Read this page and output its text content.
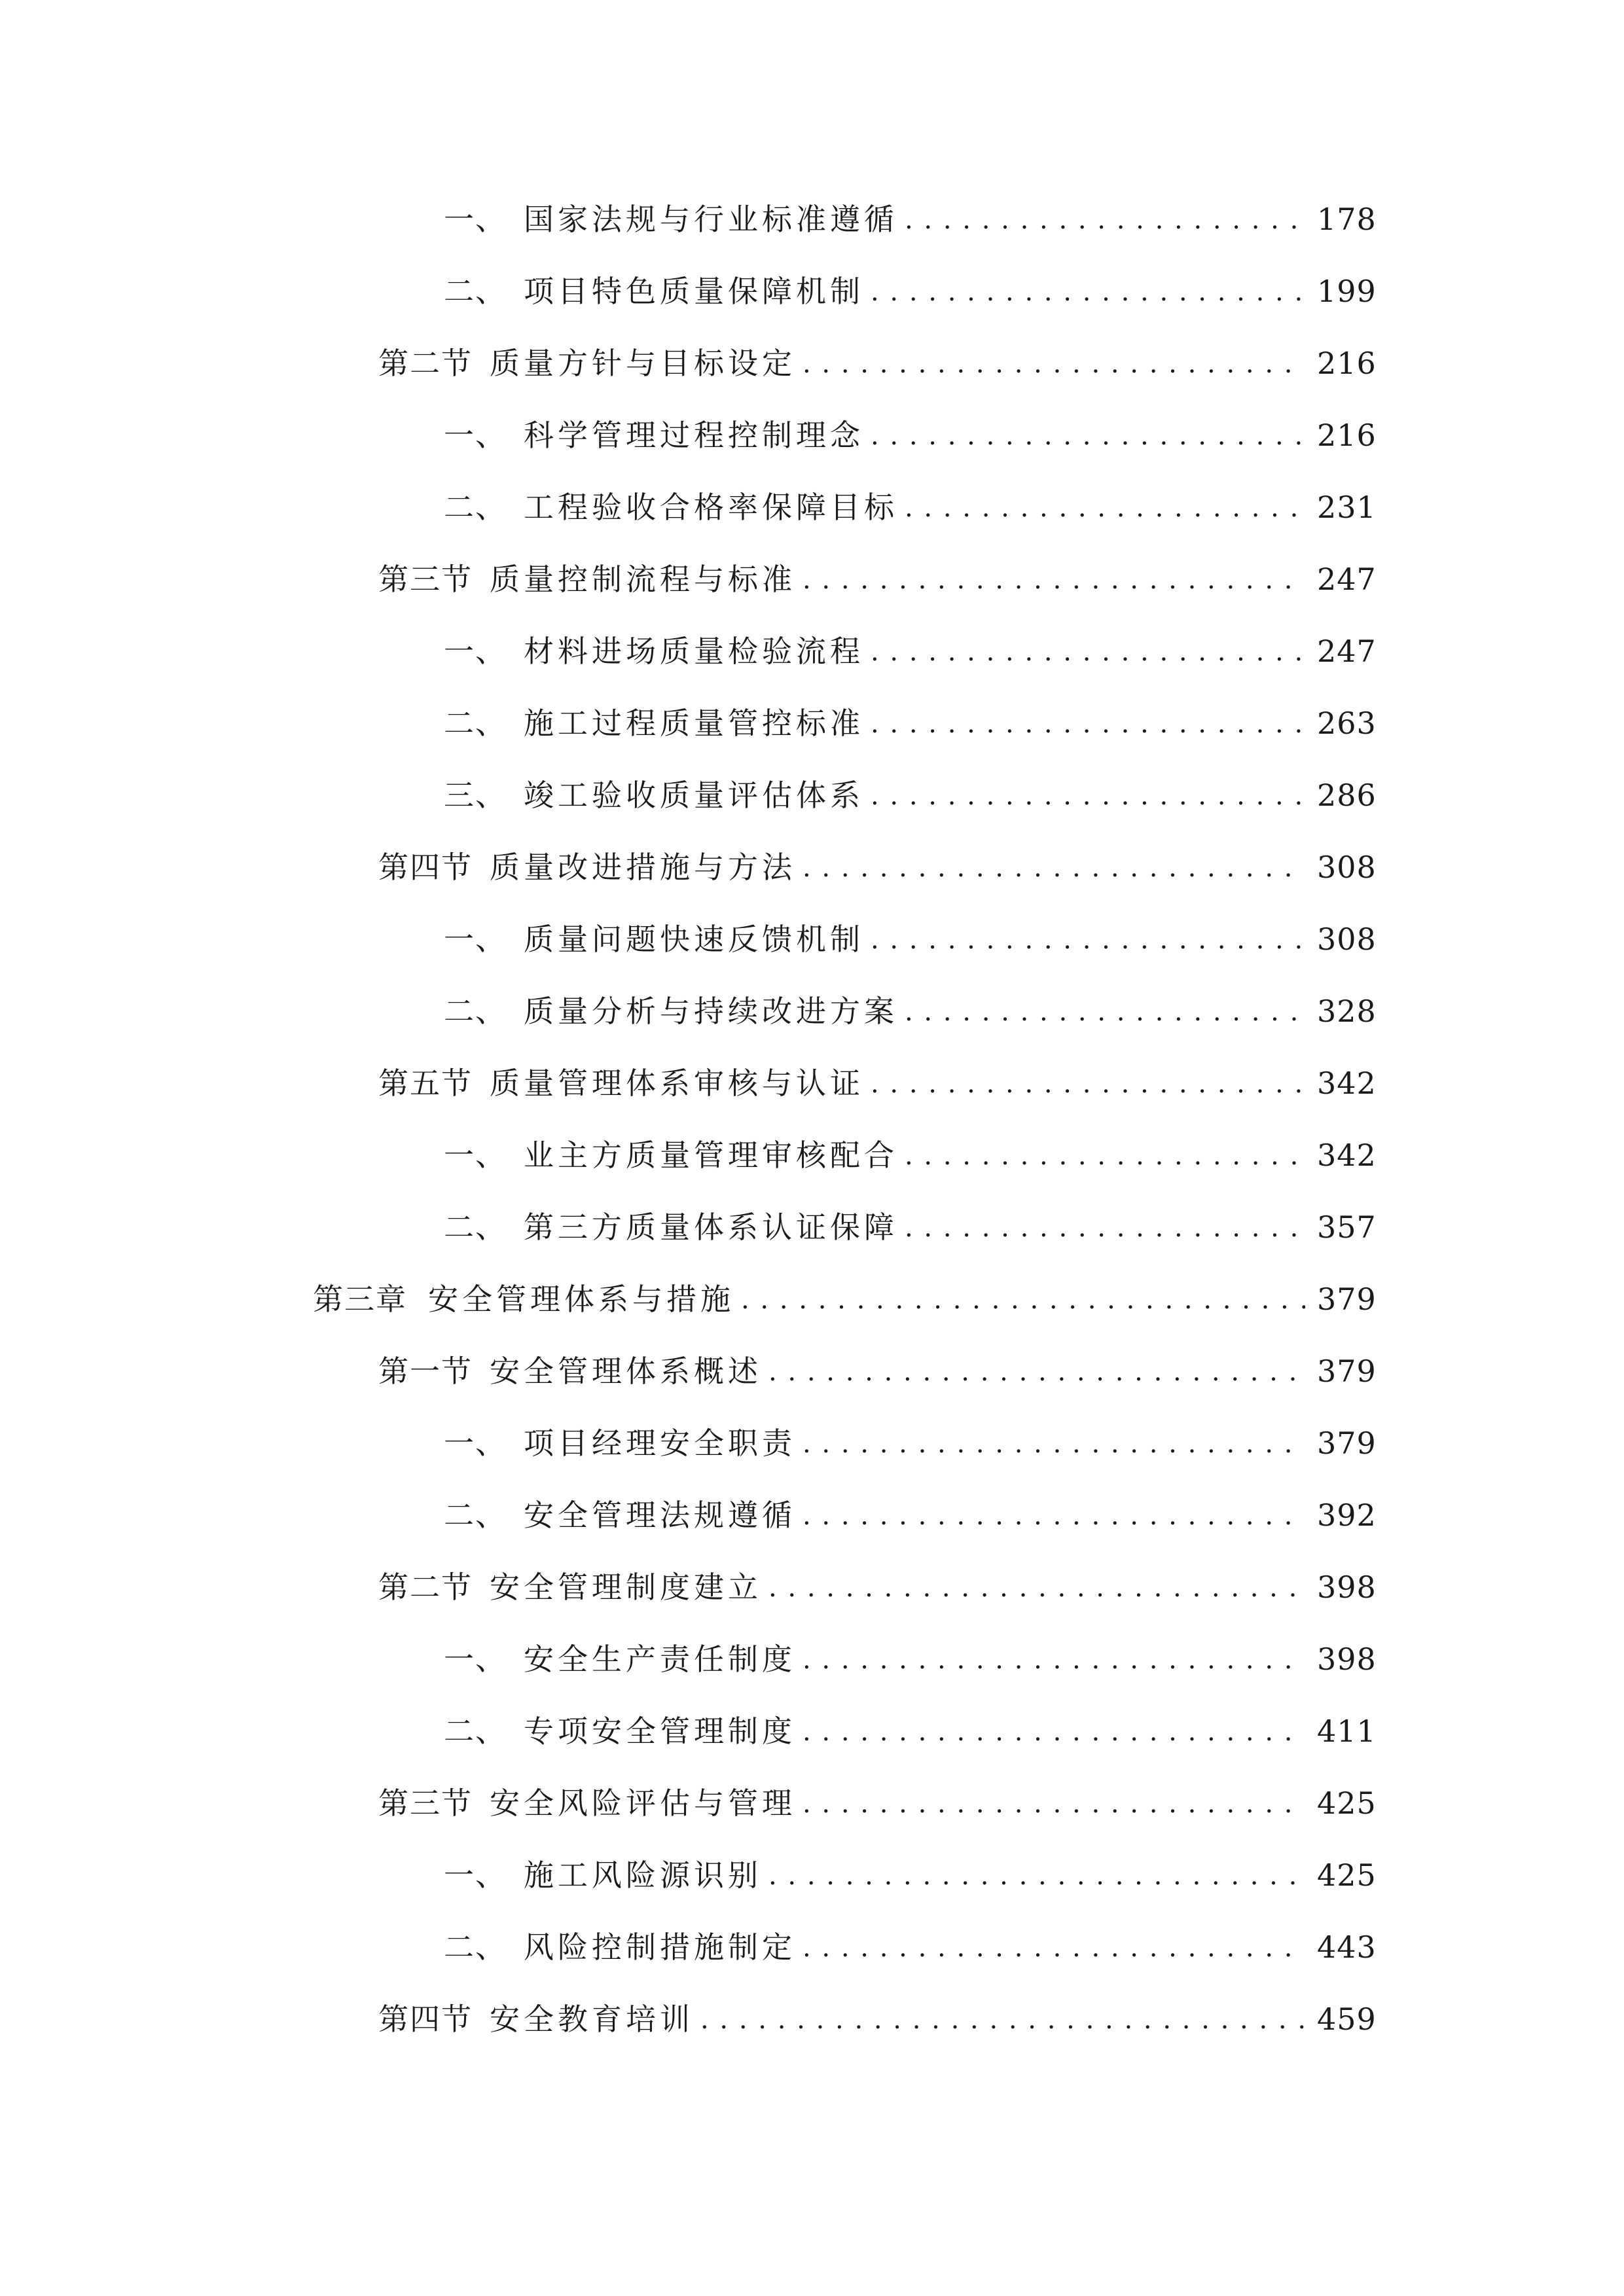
一、 国家法规与行业标准遵循 . . .	178
二、 项目特色质量保障机制 . . .	199
第二节 质量方针与目标设定 . . .	216
一、 科学管理过程控制理念 . . .	216
二、 工程验收合格率保障目标 . . .	231
第三节 质量控制流程与标准 . . .	247
一、 材料进场质量检验流程 . . .	247
二、 施工过程质量管控标准 . . .	263
三、 竣工验收质量评估体系 . . .	286
第四节 质量改进措施与方法 . . .	308
一、 质量问题快速反馈机制 . . .	308
二、 质量分析与持续改进方案 . . .	328
第五节 质量管理体系审核与认证 . . .	342
一、 业主方质量管理审核配合 . . .	342
二、 第三方质量体系认证保障 . . .	357
第三章 安全管理体系与措施 . . .	379
第一节 安全管理体系概述 . . .	379
一、 项目经理安全职责 . . .	379
二、 安全管理法规遵循 . . .	392
第二节 安全管理制度建立 . . .	398
一、 安全生产责任制度 . . .	398
二、 专项安全管理制度 . . .	411
第三节 安全风险评估与管理 . . .	425
一、 施工风险源识别 . . .	425
二、 风险控制措施制定 . . .	443
第四节 安全教育培训 . . .	459
